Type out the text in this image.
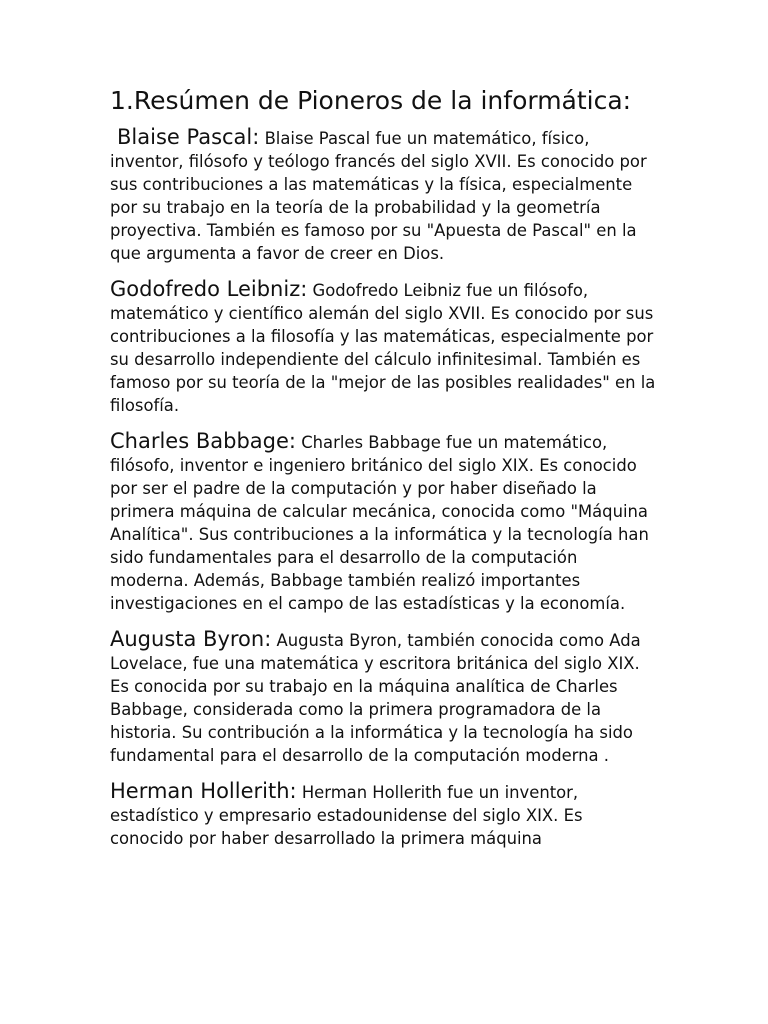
1.Resúmen de Pioneros de la informática:

Blaise Pascal: Blaise Pascal fue un matemático, físico, inventor, filósofo y teólogo francés del siglo XVII. Es conocido por sus contribuciones a las matemáticas y la física, especialmente por su trabajo en la teoría de la probabilidad y la geometría proyectiva. También es famoso por su "Apuesta de Pascal" en la que argumenta a favor de creer en Dios.

Godofredo Leibniz: Godofredo Leibniz fue un filósofo, matemático y científico alemán del siglo XVII. Es conocido por sus contribuciones a la filosofía y las matemáticas, especialmente por su desarrollo independiente del cálculo infinitesimal. También es famoso por su teoría de la "mejor de las posibles realidades" en la filosofía.

Charles Babbage: Charles Babbage fue un matemático, filósofo, inventor e ingeniero británico del siglo XIX. Es conocido por ser el padre de la computación y por haber diseñado la primera máquina de calcular mecánica, conocida como "Máquina Analítica". Sus contribuciones a la informática y la tecnología han sido fundamentales para el desarrollo de la computación moderna. Además, Babbage también realizó importantes investigaciones en el campo de las estadísticas y la economía.

Augusta Byron: Augusta Byron, también conocida como Ada Lovelace, fue una matemática y escritora británica del siglo XIX. Es conocida por su trabajo en la máquina analítica de Charles Babbage, considerada como la primera programadora de la historia. Su contribución a la informática y la tecnología ha sido fundamental para el desarrollo de la computación moderna .

Herman Hollerith: Herman Hollerith fue un inventor, estadístico y empresario estadounidense del siglo XIX. Es conocido por haber desarrollado la primera máquina
